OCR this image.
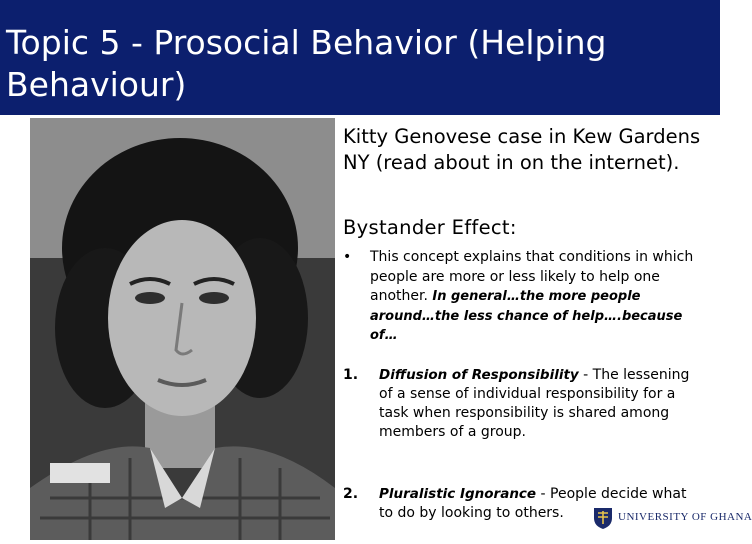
Topic 5 - Prosocial Behavior (Helping Behaviour)
Kitty Genovese case in Kew Gardens NY (read about in on the internet).
Bystander Effect:
• This concept explains that conditions in which people are more or less likely to help one another. In general…the more people around…the less chance of help….because of…
1.	Diffusion of Responsibility - The lessening of a sense of individual responsibility for a task when responsibility is shared among members of a group.
2.	Pluralistic Ignorance - People decide what to do by looking to others.	UNIVERSITY OF GHANA
